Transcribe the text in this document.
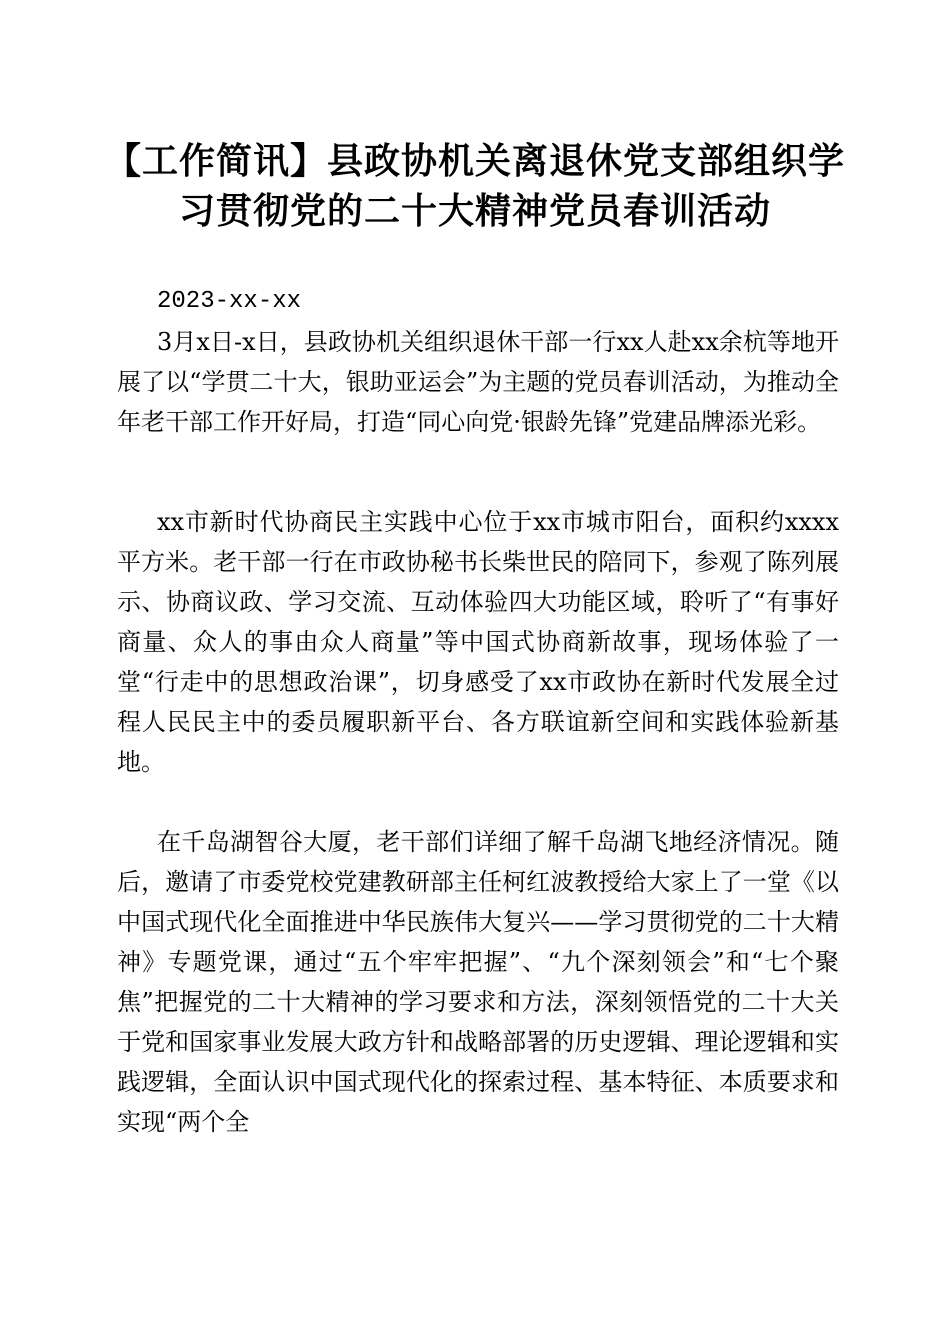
【工作简讯】县政协机关离退休党支部组织学
习贯彻党的二十大精神党员春训活动

2023-xx-xx

3月x日-x日，县政协机关组织退休干部一行xx人赴xx余杭等地开展了以“学贯二十大，银助亚运会”为主题的党员春训活动，为推动全年老干部工作开好局，打造“同心向党·银龄先锋”党建品牌添光彩。

xx市新时代协商民主实践中心位于xx市城市阳台，面积约xxxx平方米。老干部一行在市政协秘书长柴世民的陪同下，参观了陈列展示、协商议政、学习交流、互动体验四大功能区域，聆听了“有事好商量、众人的事由众人商量”等中国式协商新故事，现场体验了一堂“行走中的思想政治课”，切身感受了xx市政协在新时代发展全过程人民民主中的委员履职新平台、各方联谊新空间和实践体验新基地。

在千岛湖智谷大厦，老干部们详细了解千岛湖飞地经济情况。随后，邀请了市委党校党建教研部主任柯红波教授给大家上了一堂《以中国式现代化全面推进中华民族伟大复兴——学习贯彻党的二十大精神》专题党课，通过“五个牢牢把握”、“九个深刻领会”和“七个聚焦”把握党的二十大精神的学习要求和方法，深刻领悟党的二十大关于党和国家事业发展大政方针和战略部署的历史逻辑、理论逻辑和实践逻辑，全面认识中国式现代化的探索过程、基本特征、本质要求和实现“两个全
